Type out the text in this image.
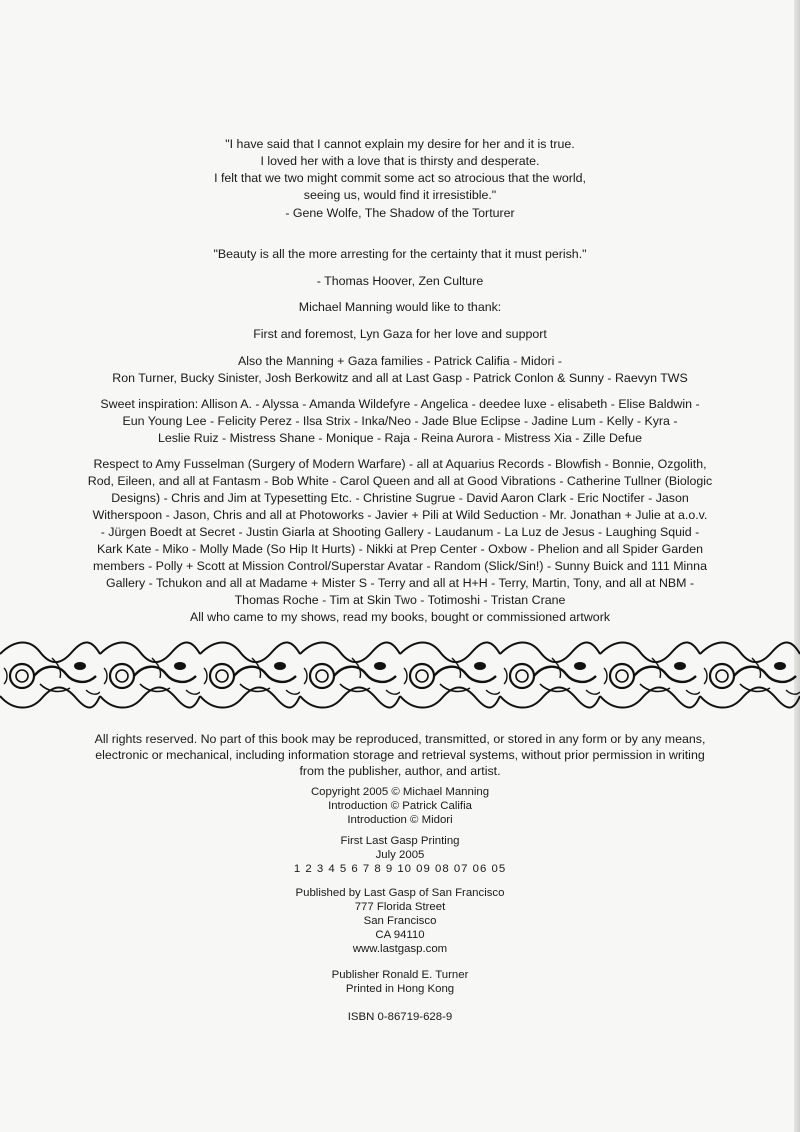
"I have said that I cannot explain my desire for her and it is true.
I loved her with a love that is thirsty and desperate.
I felt that we two might commit some act so atrocious that the world,
seeing us, would find it irresistible."
- Gene Wolfe, The Shadow of the Torturer
"Beauty is all the more arresting for the certainty that it must perish."
- Thomas Hoover, Zen Culture
Michael Manning would like to thank:
First and foremost, Lyn Gaza for her love and support
Also the Manning + Gaza families - Patrick Califia - Midori -
Ron Turner, Bucky Sinister, Josh Berkowitz and all at Last Gasp - Patrick Conlon & Sunny - Raevyn TWS
Sweet inspiration: Allison A. - Alyssa - Amanda Wildefyre - Angelica - deedee luxe - elisabeth - Elise Baldwin -
Eun Young Lee - Felicity Perez - Ilsa Strix - Inka/Neo - Jade Blue Eclipse - Jadine Lum - Kelly - Kyra -
Leslie Ruiz - Mistress Shane - Monique - Raja - Reina Aurora - Mistress Xia - Zille Defue
Respect to Amy Fusselman (Surgery of Modern Warfare) - all at Aquarius Records - Blowfish - Bonnie, Ozgolith,
Rod, Eileen, and all at Fantasm - Bob White - Carol Queen and all at Good Vibrations - Catherine Tullner (Biologic
Designs) - Chris and Jim at Typesetting Etc. - Christine Sugrue - David Aaron Clark - Eric Noctifer - Jason
Witherspoon - Jason, Chris and all at Photoworks - Javier + Pili at Wild Seduction - Mr. Jonathan + Julie at a.o.v.
- Jürgen Boedt at Secret - Justin Giarla at Shooting Gallery - Laudanum - La Luz de Jesus - Laughing Squid -
Kark Kate - Miko - Molly Made (So Hip It Hurts) - Nikki at Prep Center - Oxbow - Phelion and all Spider Garden
members - Polly + Scott at Mission Control/Superstar Avatar - Random (Slick/Sin!) - Sunny Buick and 111 Minna
Gallery - Tchukon and all at Madame + Mister S - Terry and all at H+H - Terry, Martin, Tony, and all at NBM -
Thomas Roche - Tim at Skin Two - Totimoshi - Tristan Crane
All who came to my shows, read my books, bought or commissioned artwork
All rights reserved. No part of this book may be reproduced, transmitted, or stored in any form or by any means,
electronic or mechanical, including information storage and retrieval systems, without prior permission in writing
from the publisher, author, and artist.
Copyright 2005 © Michael Manning
Introduction © Patrick Califia
Introduction © Midori
First Last Gasp Printing
July 2005
1 2 3 4 5 6 7 8 9 10 09 08 07 06 05
Published by Last Gasp of San Francisco
777 Florida Street
San Francisco
CA 94110
www.lastgasp.com
Publisher Ronald E. Turner
Printed in Hong Kong
ISBN 0-86719-628-9
